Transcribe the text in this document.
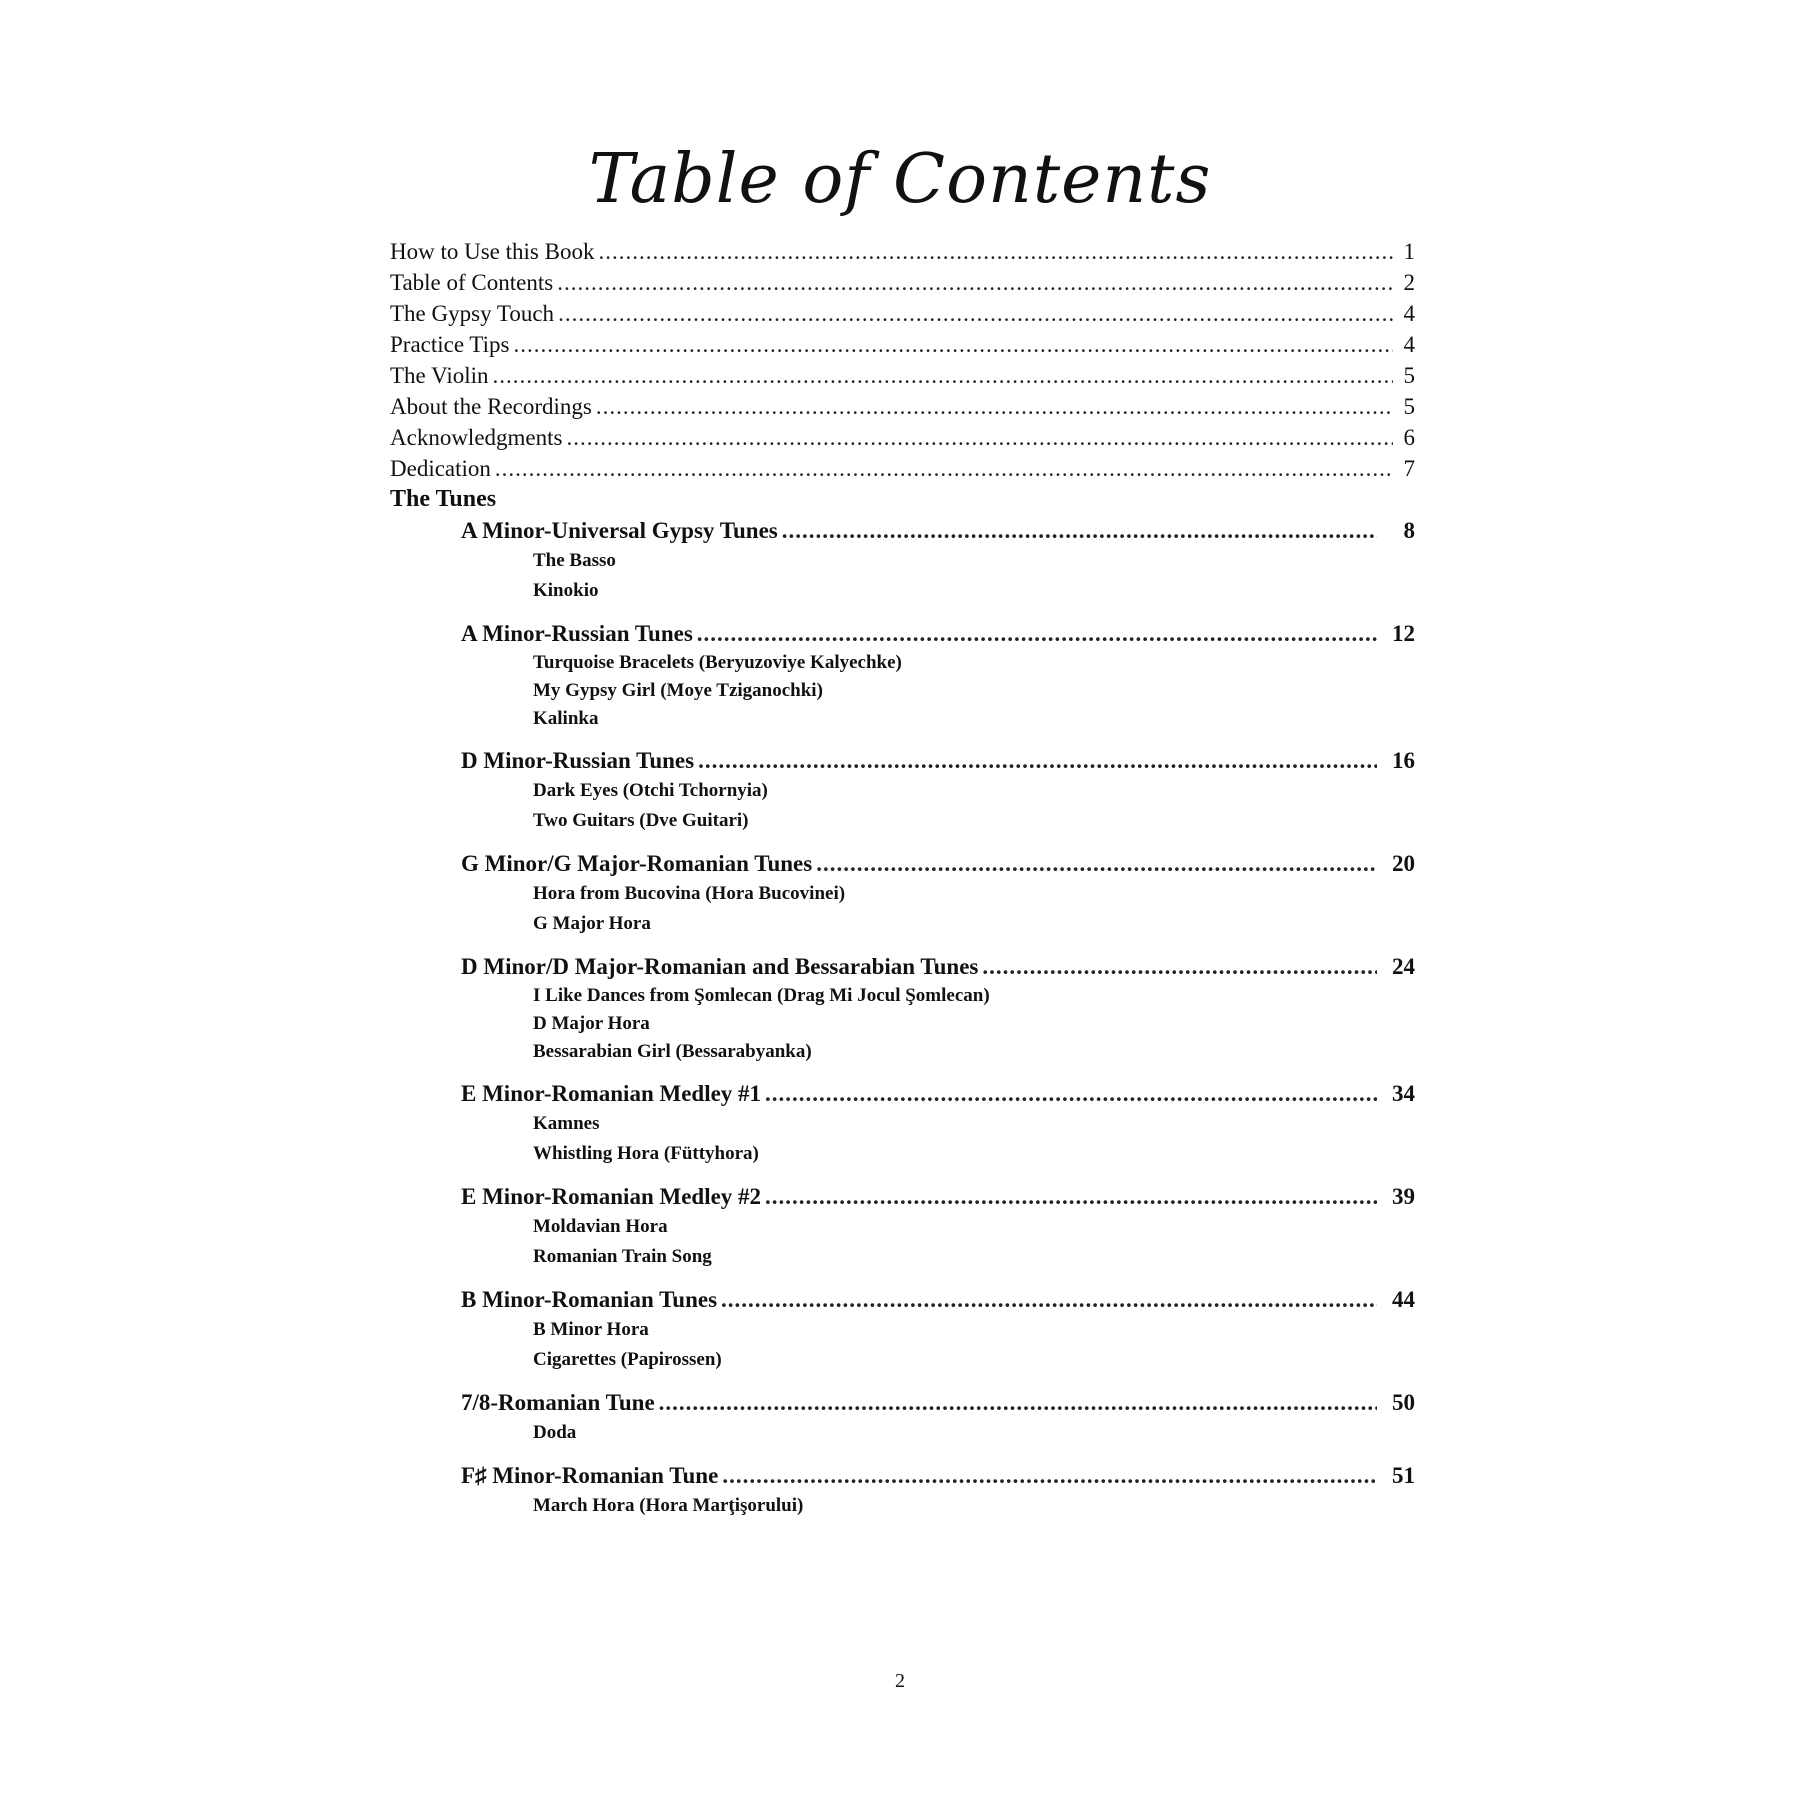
Table of Contents
How to Use this Book .....	1
Table of Contents .....	2
The Gypsy Touch .....	4
Practice Tips .....	4
The Violin .....	5
About the Recordings .....	5
Acknowledgments .....	6
Dedication .....	7
The Tunes
A Minor-Universal Gypsy Tunes .....	8
The Basso
Kinokio
A Minor-Russian Tunes .....	12
Turquoise Bracelets (Beryuzoviye Kalyechke)
My Gypsy Girl (Moye Tziganochki)
Kalinka
D Minor-Russian Tunes .....	16
Dark Eyes (Otchi Tchornyia)
Two Guitars (Dve Guitari)
G Minor/G Major-Romanian Tunes .....	20
Hora from Bucovina (Hora Bucovinei)
G Major Hora
D Minor/D Major-Romanian and Bessarabian Tunes .....	24
I Like Dances from Şomlecan (Drag Mi Jocul Şomlecan)
D Major Hora
Bessarabian Girl (Bessarabyanka)
E Minor-Romanian Medley #1 .....	34
Kamnes
Whistling Hora (Füttyhora)
E Minor-Romanian Medley #2 .....	39
Moldavian Hora
Romanian Train Song
B Minor-Romanian Tunes .....	44
B Minor Hora
Cigarettes (Papirossen)
7/8-Romanian Tune .....	50
Doda
F♯ Minor-Romanian Tune .....	51
March Hora (Hora Marţişorului)
2
